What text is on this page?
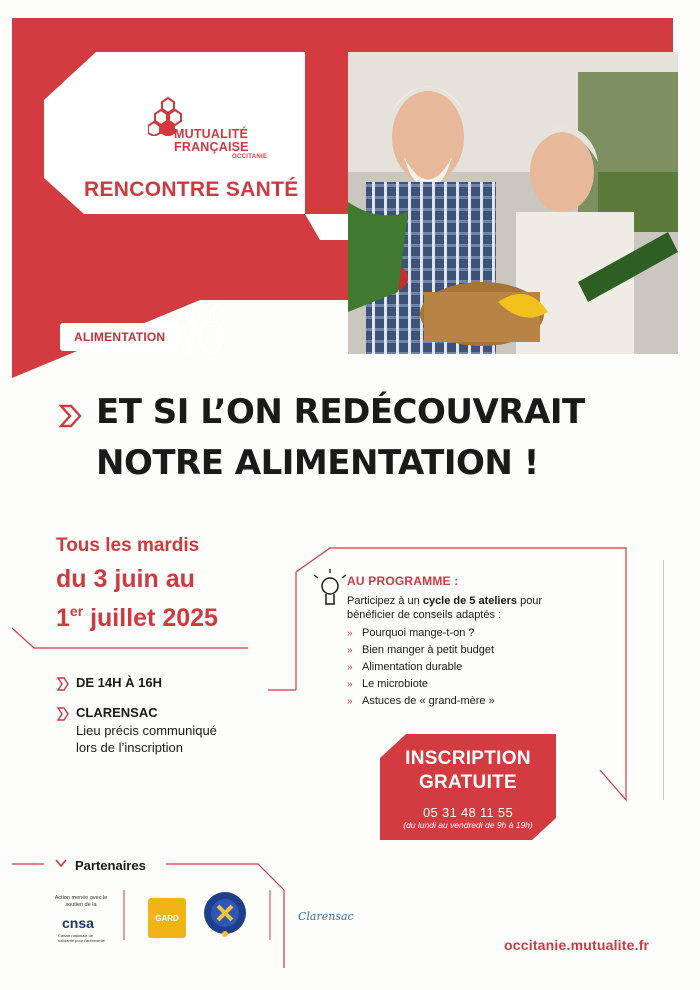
MUTUALITÉ
FRANÇAISE
OCCITANIE
RENCONTRE SANTÉ
ALIMENTATION
ET SI L’ON REDÉCOUVRAIT
NOTRE ALIMENTATION !
Tous les mardis
du 3 juin au
1er juillet 2025
DE 14H À 16H
CLARENSAC
Lieu précis communiqué
lors de l’inscription
AU PROGRAMME :
Participez à un cycle de 5 ateliers pour
bénéficier de conseils adaptés :
» Pourquoi mange-t-on ?
» Bien manger à petit budget
» Alimentation durable
» Le microbiote
» Astuces de « grand-mère »
INSCRIPTION
GRATUITE
05 31 48 11 55
(du lundi au vendredi de 9h à 19h)
Partenaires
Action menée avec le soutien de la
cnsa
Caisse nationale de solidarité pour l’autonomie
GARD	Clarensac
occitanie.mutualite.fr
